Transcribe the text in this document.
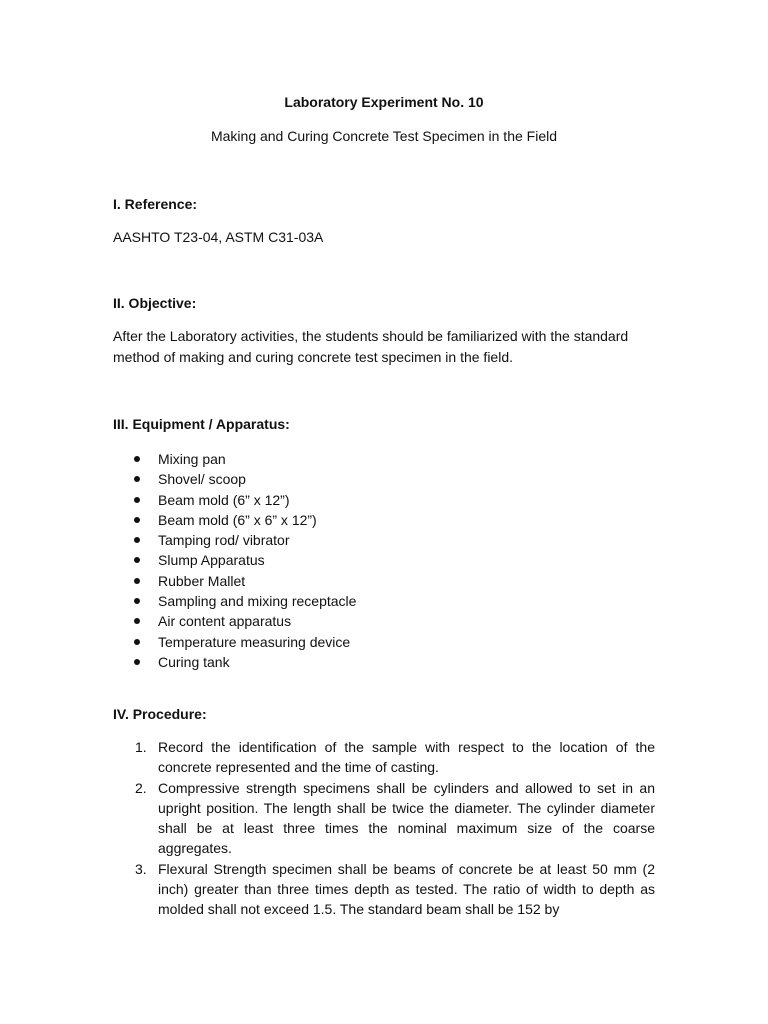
Laboratory Experiment No. 10
Making and Curing Concrete Test Specimen in the Field
I. Reference:

AASHTO T23-04, ASTM C31-03A

II. Objective:

After the Laboratory activities, the students should be familiarized with the standard method of making and curing concrete test specimen in the field.

III. Equipment / Apparatus:
Mixing pan
Shovel/ scoop
Beam mold (6” x 12”)
Beam mold (6” x 6” x 12”)
Tamping rod/ vibrator
Slump Apparatus
Rubber Mallet
Sampling and mixing receptacle
Air content apparatus
Temperature measuring device
Curing tank
IV. Procedure:
1. Record the identification of the sample with respect to the location of the concrete represented and the time of casting.
2. Compressive strength specimens shall be cylinders and allowed to set in an upright position. The length shall be twice the diameter. The cylinder diameter shall be at least three times the nominal maximum size of the coarse aggregates.
3. Flexural Strength specimen shall be beams of concrete be at least 50 mm (2 inch) greater than three times depth as tested. The ratio of width to depth as molded shall not exceed 1.5. The standard beam shall be 152 by
